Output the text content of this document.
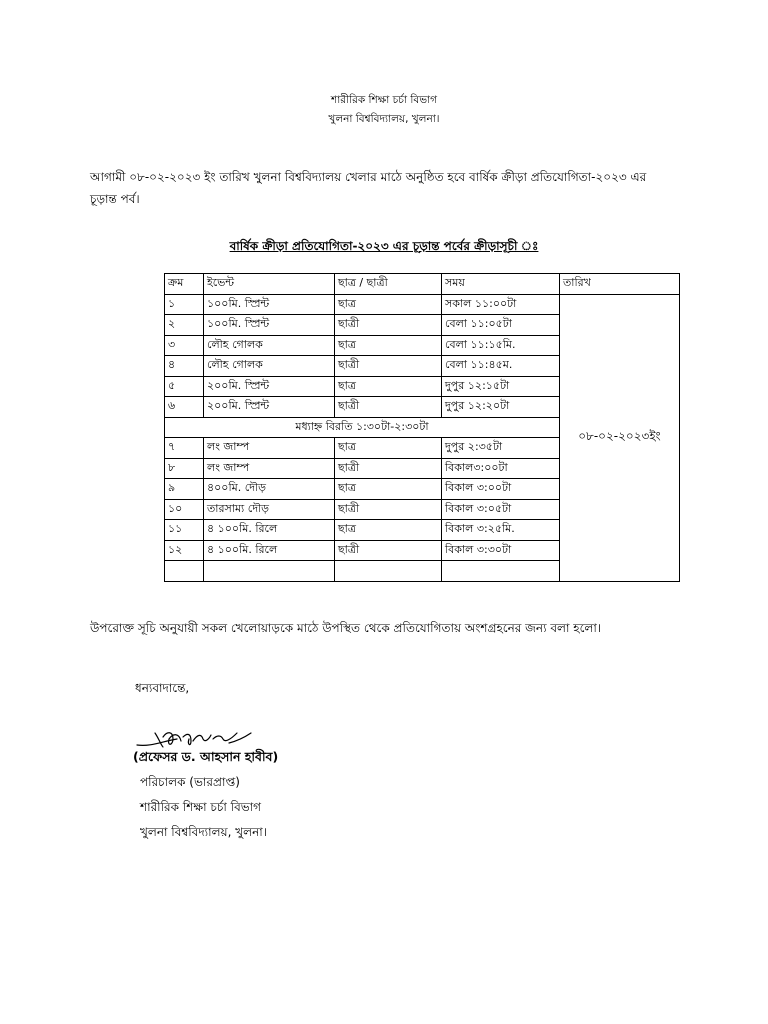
শারীরিক শিক্ষা চর্চা বিভাগ
খুলনা বিশ্ববিদ্যালয়, খুলনা।
আগামী ০৮-০২-২০২৩ ইং তারিখ খুলনা বিশ্ববিদ্যালয় খেলার মাঠে অনুষ্ঠিত হবে বার্ষিক ক্রীড়া প্রতিযোগিতা-২০২৩ এর
চূড়ান্ত পর্ব।
বার্ষিক ক্রীড়া প্রতিযোগিতা-২০২৩ এর চূড়ান্ত পর্বের ক্রীড়াসূচী ঃ
ক্রম	ইভেন্ট	ছাত্র / ছাত্রী	সময়	তারিখ
১	১০০মি. স্প্রিন্ট	ছাত্র	সকাল ১১:০০টা	০৮-০২-২০২৩ইং
২	১০০মি. স্প্রিন্ট	ছাত্রী	বেলা ১১:০৫টা	
৩	লৌহ গোলক	ছাত্র	বেলা ১১:১৫মি.	
৪	লৌহ গোলক	ছাত্রী	বেলা ১১:৪৫ম.	
৫	২০০মি. স্প্রিন্ট	ছাত্র	দুপুর ১২:১৫টা	
৬	২০০মি. স্প্রিন্ট	ছাত্রী	দুপুর ১২:২০টা	
মধ্যাহ্ন বিরতি ১:৩০টা-২:৩০টা				
৭	লং জাম্প	ছাত্র	দুপুর ২:৩৫টা	
৮	লং জাম্প	ছাত্রী	বিকাল৩:০০টা	
৯	৪০০মি. দৌড়	ছাত্র	বিকাল ৩:০০টা	
১০	তারসাম্য দৌড়	ছাত্রী	বিকাল ৩:০৫টা	
১১	৪ ১০০মি. রিলে	ছাত্র	বিকাল ৩:২৫মি.	
১২	৪ ১০০মি. রিলে	ছাত্রী	বিকাল ৩:৩০টা	

উপরোক্ত সূচি অনুযায়ী সকল খেলোয়াড়কে মাঠে উপস্থিত থেকে প্রতিযোগিতায় অংশগ্রহনের জন্য বলা হলো।
ধন্যবাদান্তে,
(প্রফেসর ড. আহসান হাবীব)
পরিচালক (ভারপ্রাপ্ত)
শারীরিক শিক্ষা চর্চা বিভাগ
খুলনা বিশ্ববিদ্যালয়, খুলনা।
